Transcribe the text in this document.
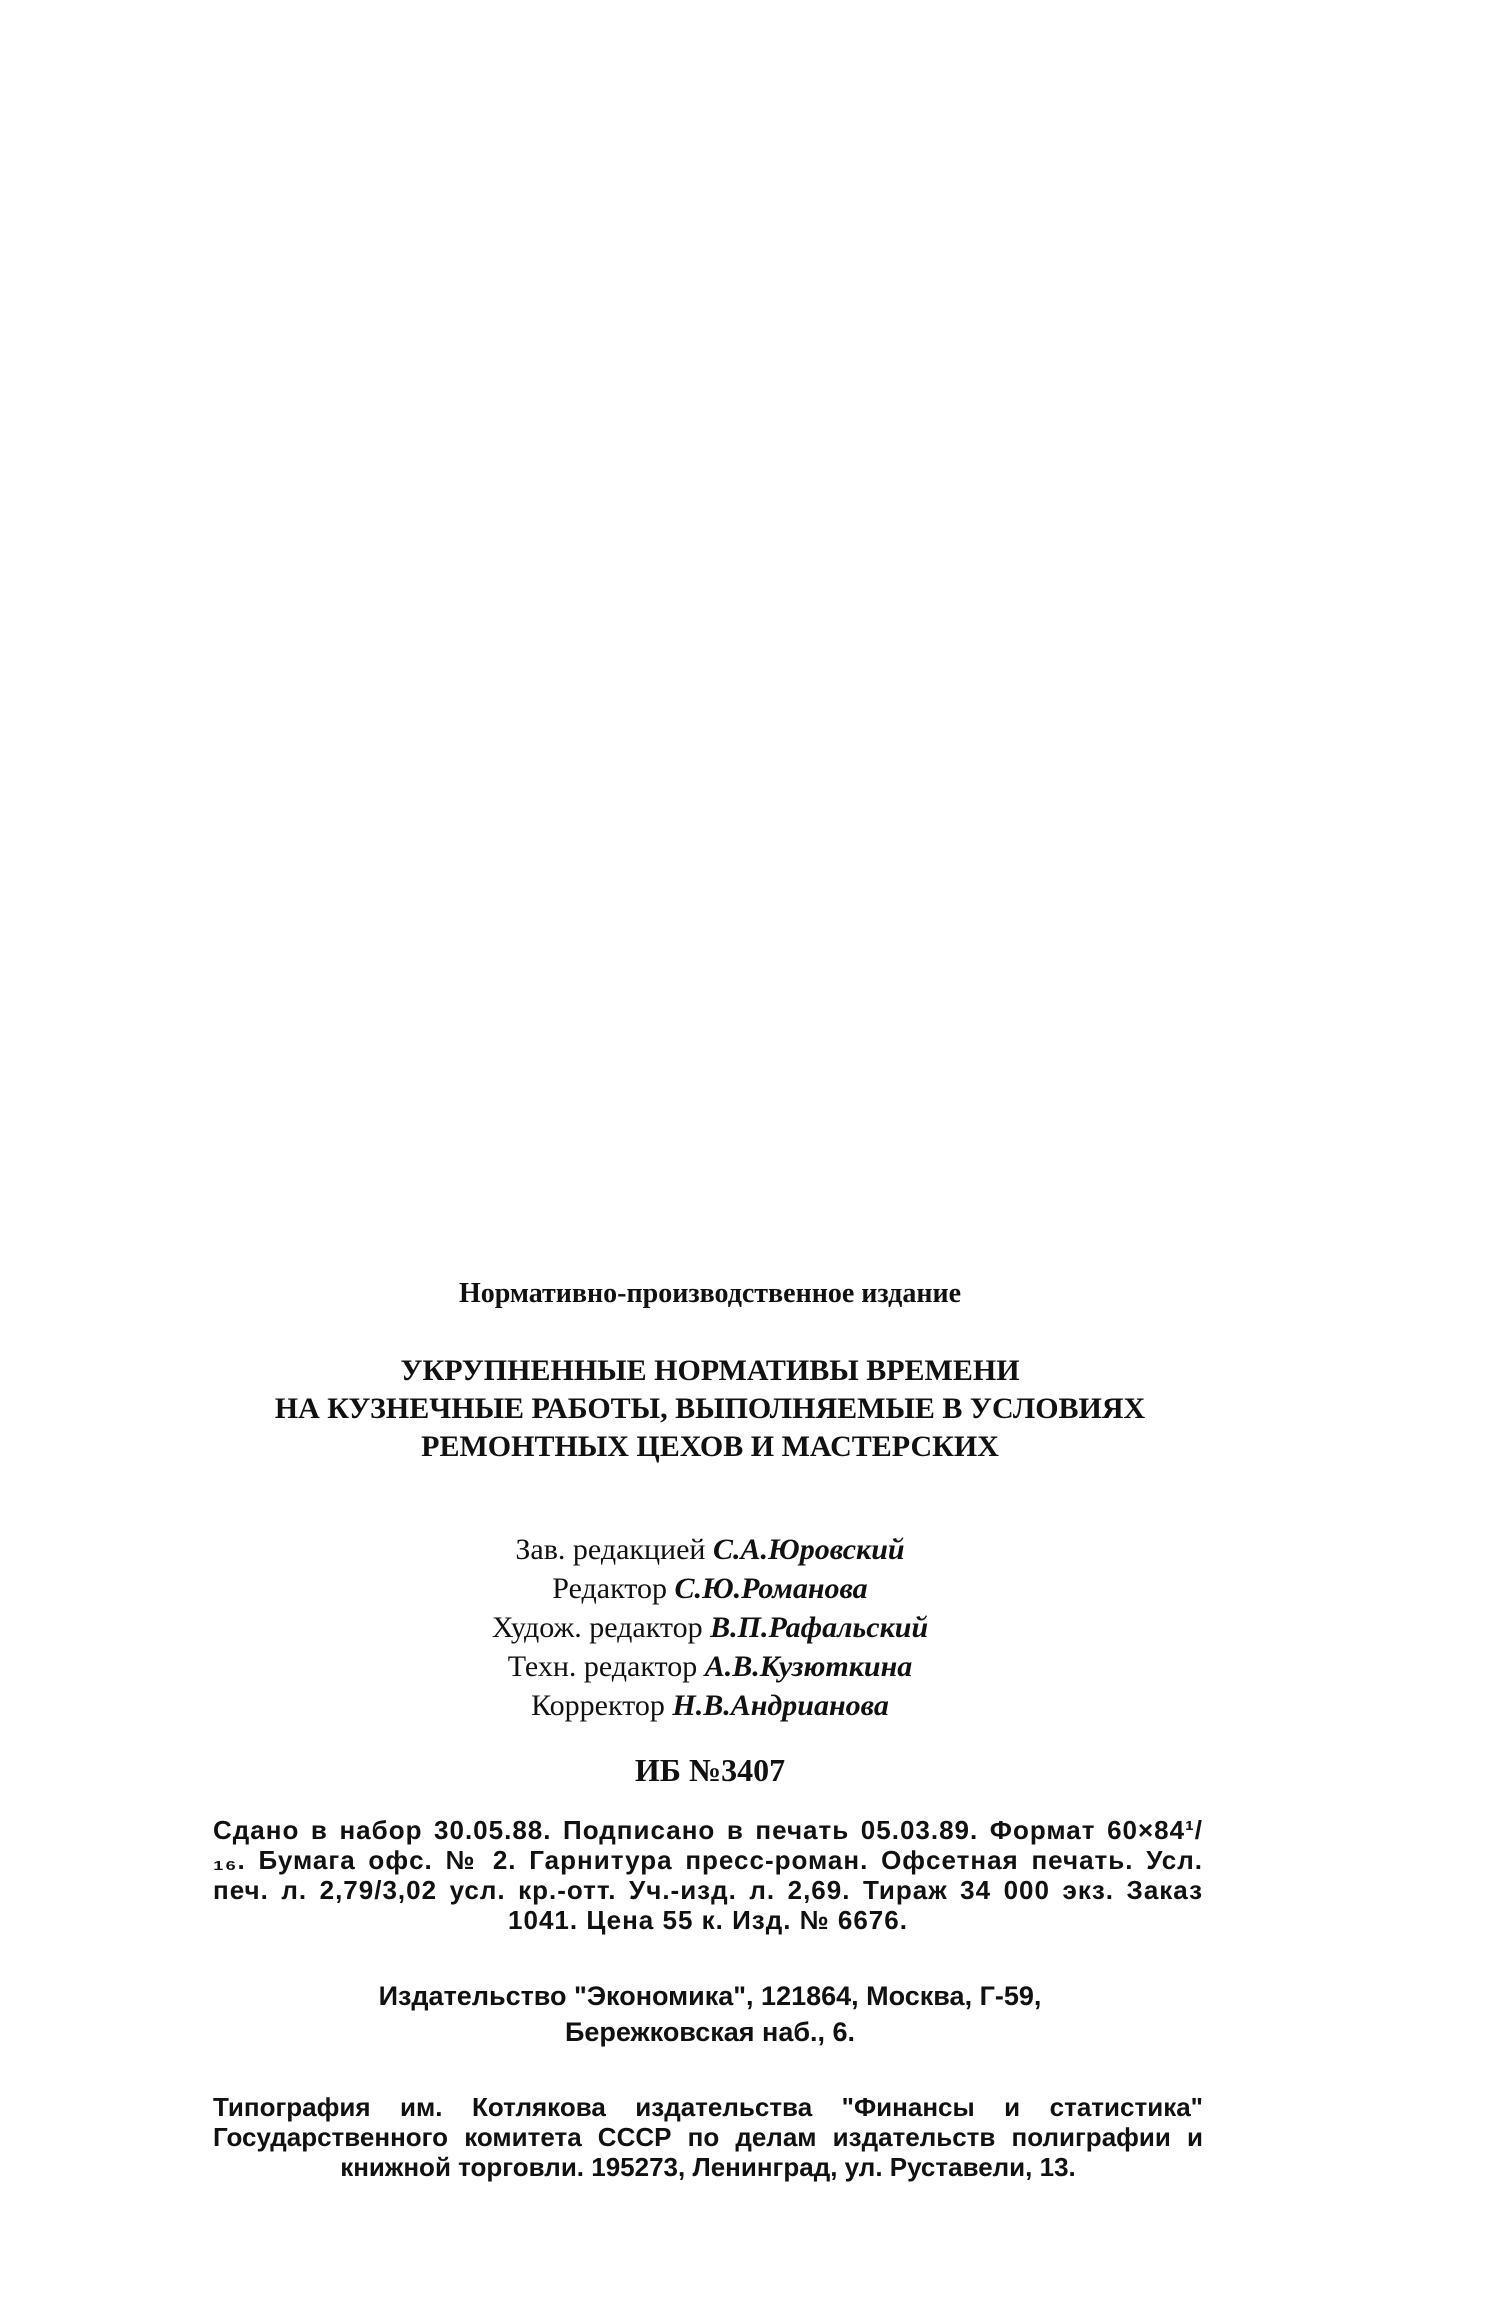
Нормативно-производственное издание
УКРУПНЕННЫЕ НОРМАТИВЫ ВРЕМЕНИ
НА КУЗНЕЧНЫЕ РАБОТЫ, ВЫПОЛНЯЕМЫЕ В УСЛОВИЯХ
РЕМОНТНЫХ ЦЕХОВ И МАСТЕРСКИХ
Зав. редакцией С.А.Юровский
Редактор С.Ю.Романова
Худож. редактор В.П.Рафальский
Техн. редактор А.В.Кузюткина
Корректор Н.В.Андрианова
ИБ №3407
Сдано в набор 30.05.88. Подписано в печать 05.03.89. Формат 60×84¹/₁₆. Бумага офс. № 2. Гарнитура пресс-роман. Офсетная печать. Усл. печ. л. 2,79/3,02 усл. кр.-отт. Уч.-изд. л. 2,69. Тираж 34 000 экз. Заказ 1041. Цена 55 к. Изд. № 6676.
Издательство "Экономика", 121864, Москва, Г-59,
Бережковская наб., 6.
Типография им. Котлякова издательства "Финансы и статистика" Государственного комитета СССР по делам издательств полиграфии и книжной торговли. 195273, Ленинград, ул. Руставели, 13.
